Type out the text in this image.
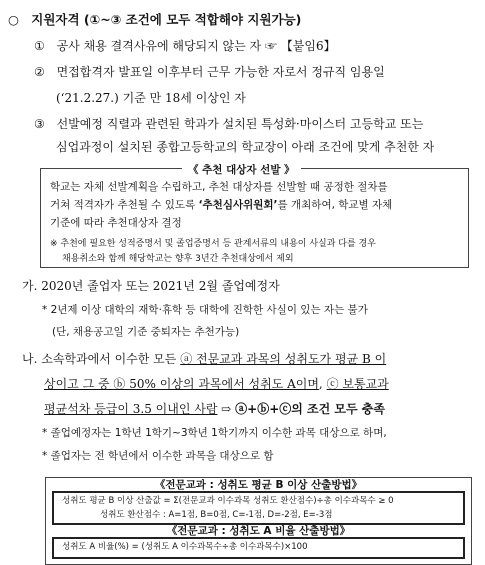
○ 지원자격 (①~③ 조건에 모두 적합해야 지원가능)
① 공사 채용 결격사유에 해당되지 않는 자 ☞ 【붙임6】
② 면접합격자 발표일 이후부터 근무 가능한 자로서 정규직 임용일
(‘21.2.27.) 기준 만 18세 이상인 자
③ 선발예정 직렬과 관련된 학과가 설치된 특성화·마이스터 고등학교 또는
심업과정이 설치된 종합고등학교의 학교장이 아래 조건에 맞게 추천한 자
《 추천 대상자 선발 》
학교는 자체 선발계획을 수립하고, 추천 대상자를 선발할 때 공정한 절차를
거쳐 적격자가 추천될 수 있도록 ‘추천심사위원회’를 개최하여, 학교별 자체
기준에 따라 추천대상자 결정
※ 추천에 필요한 성적증명서 및 졸업증명서 등 관계서류의 내용이 사실과 다를 경우
채용취소와 함께 해당학교는 향후 3년간 추천대상에서 제외
가. 2020년 졸업자 또는 2021년 2월 졸업예정자
* 2년제 이상 대학의 재학·휴학 등 대학에 진학한 사실이 있는 자는 불가
(단, 채용공고일 기준 중퇴자는 추천가능)
나. 소속학과에서 이수한 모든 ⓐ 전문교과 과목의 성취도가 평균 B 이
상이고 그 중 ⓑ 50% 이상의 과목에서 성취도 A이며, ⓒ 보통교과
평균석차 등급이 3.5 이내인 사람 ⇨ ⓐ+ⓑ+ⓒ의 조건 모두 충족
* 졸업예정자는 1학년 1학기~3학년 1학기까지 이수한 과목 대상으로 하며,
* 졸업자는 전 학년에서 이수한 과목을 대상으로 함
《전문교과 : 성취도 평균 B 이상 산출방법》
성취도 평균 B 이상 산출값 = Σ(전문교과 이수과목 성취도 환산점수)÷총 이수과목수 ≥ 0
성취도 환산점수 : A=1점, B=0점, C=-1점, D=-2점, E=-3점
《전문교과 : 성취도 A 비율 산출방법》
성취도 A 비율(%) = (성취도 A 이수과목수÷총 이수과목수)×100
